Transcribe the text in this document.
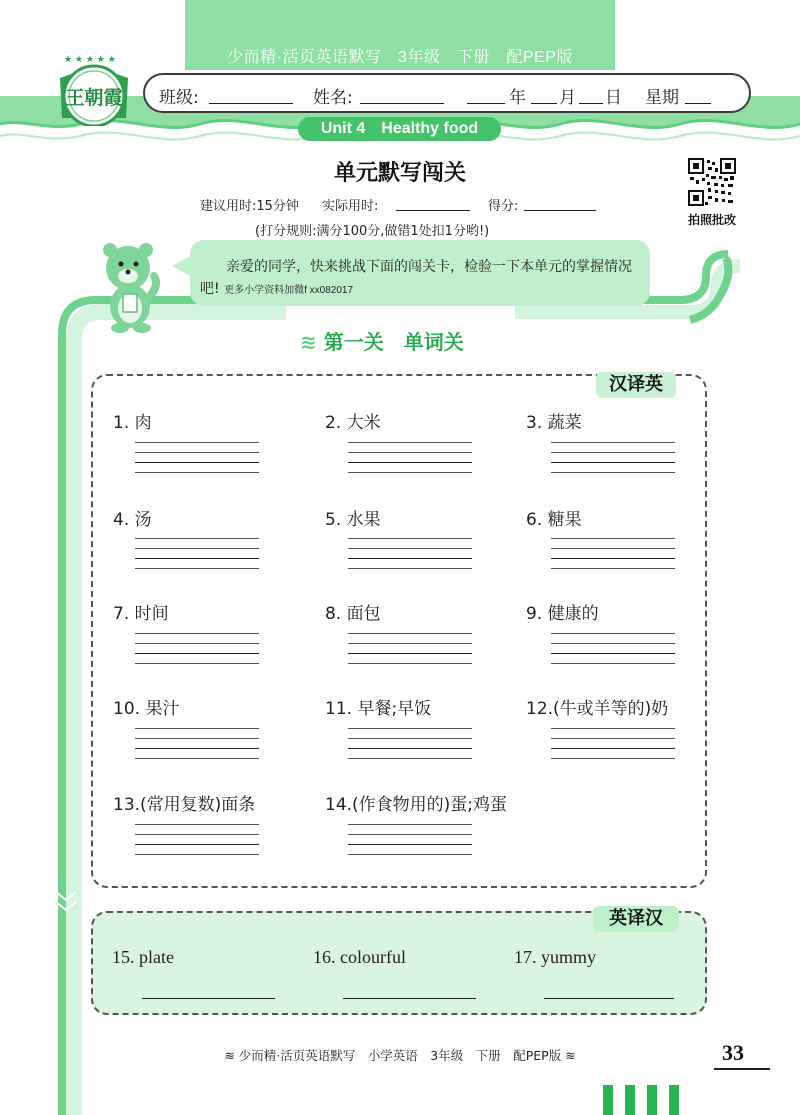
少而精·活页英语默写　3年级　下册　配PEP版
★ ★ ★ ★ ★
王朝霞 班级:	姓名:	年 月 日 星期
Unit 4　Healthy food
单元默写闯关
建议用时:15分钟 实际用时:	得分:
(打分规则:满分100分,做错1处扣1分哟!)
拍照批改
亲爱的同学，快来挑战下面的闯关卡，检验一下本单元的掌握情况吧! 更多小学资料加微f xx082017
≋ 第一关　单词关
汉译英
1. 肉	2. 大米	3. 蔬菜
4. 汤	5. 水果	6. 糖果
7. 时间	8. 面包	9. 健康的
10. 果汁	11. 早餐;早饭	12.(牛或羊等的)奶
13.(常用复数)面条	14.(作食物用的)蛋;鸡蛋
英译汉
15. plate	16. colourful	17. yummy
≋ 少而精·活页英语默写　小学英语　3年级　下册　配PEP版 ≋	33
